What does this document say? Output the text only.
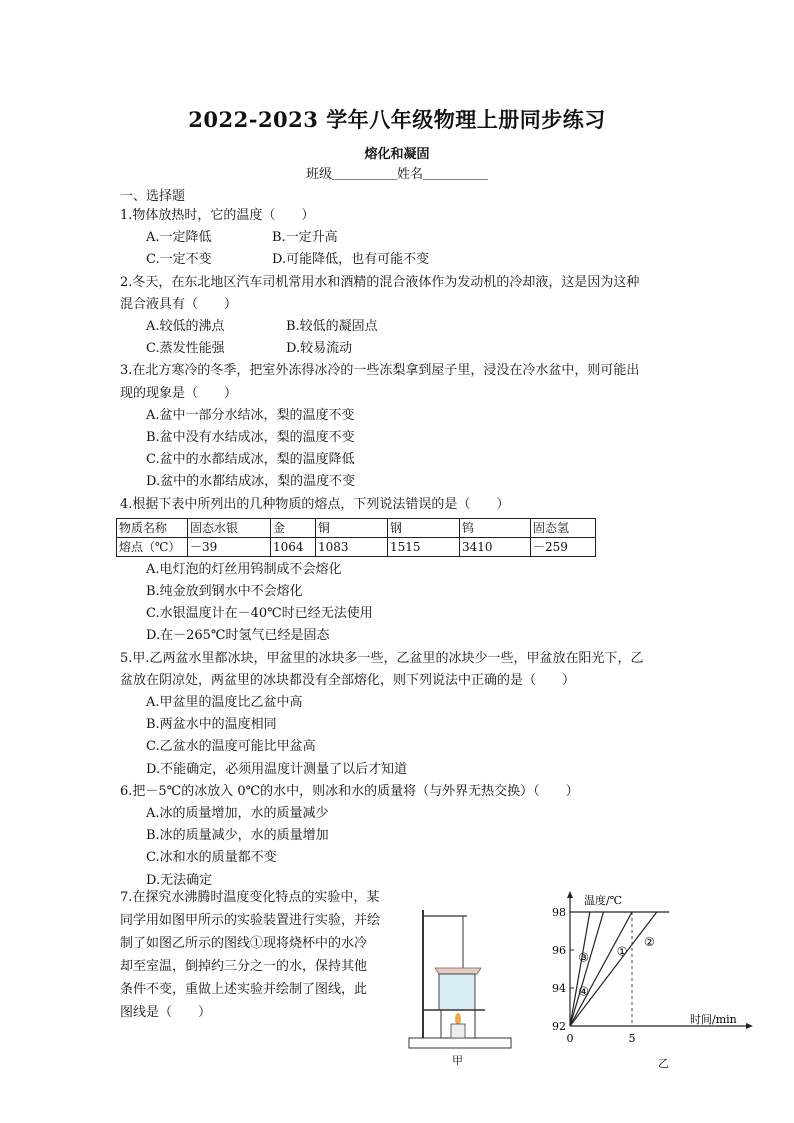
2022-2023 学年八年级物理上册同步练习
熔化和凝固
班级＿＿＿＿＿姓名＿＿＿＿＿
一、选择题

1.物体放热时，它的温度（　　）

A.一定降低	B.一定升高
C.一定不变	D.可能降低，也有可能不变

2.冬天，在东北地区汽车司机常用水和酒精的混合液体作为发动机的冷却液，这是因为这种

混合液具有（　　）

A.较低的沸点	B.较低的凝固点
C.蒸发性能强	D.较易流动

3.在北方寒冷的冬季，把室外冻得冰冷的一些冻梨拿到屋子里，浸没在冷水盆中，则可能出

现的现象是（　　）

A.盆中一部分水结冰，梨的温度不变

B.盆中没有水结成冰，梨的温度不变

C.盆中的水都结成冰，梨的温度降低

D.盆中的水都结成冰，梨的温度不变

4.根据下表中所列出的几种物质的熔点，下列说法错误的是（　　）

物质名称	固态水银	金	铜	钢	钨	固态氢
熔点（℃）	－39	1064	1083	1515	3410	－259

A.电灯泡的灯丝用钨制成不会熔化

B.纯金放到钢水中不会熔化

C.水银温度计在－40℃时已经无法使用

D.在－265℃时氢气已经是固态

5.甲.乙两盆水里都冰块，甲盆里的冰块多一些，乙盆里的冰块少一些，甲盆放在阳光下，乙

盆放在阴凉处，两盆里的冰块都没有全部熔化，则下列说法中正确的是（　　）

A.甲盆里的温度比乙盆中高

B.两盆水中的温度相同

C.乙盆水的温度可能比甲盆高

D.不能确定，必须用温度计测量了以后才知道

6.把－5℃的冰放入 0℃的水中，则冰和水的质量将（与外界无热交换）（　　）

A.冰的质量增加，水的质量减少

B.冰的质量减少，水的质量增加

C.冰和水的质量都不变

D.无法确定

7.在探究水沸腾时温度变化特点的实验中，某
同学用如图甲所示的实验装置进行实验，并绘
制了如图乙所示的图线①现将烧杯中的水冷
却至室温，倒掉约三分之一的水，保持其他
条件不变，重做上述实验并绘制了图线，此
图线是（　　）
甲
温度/℃
时间/min
98
96
94
92
0	5
①
②
③
④
乙
